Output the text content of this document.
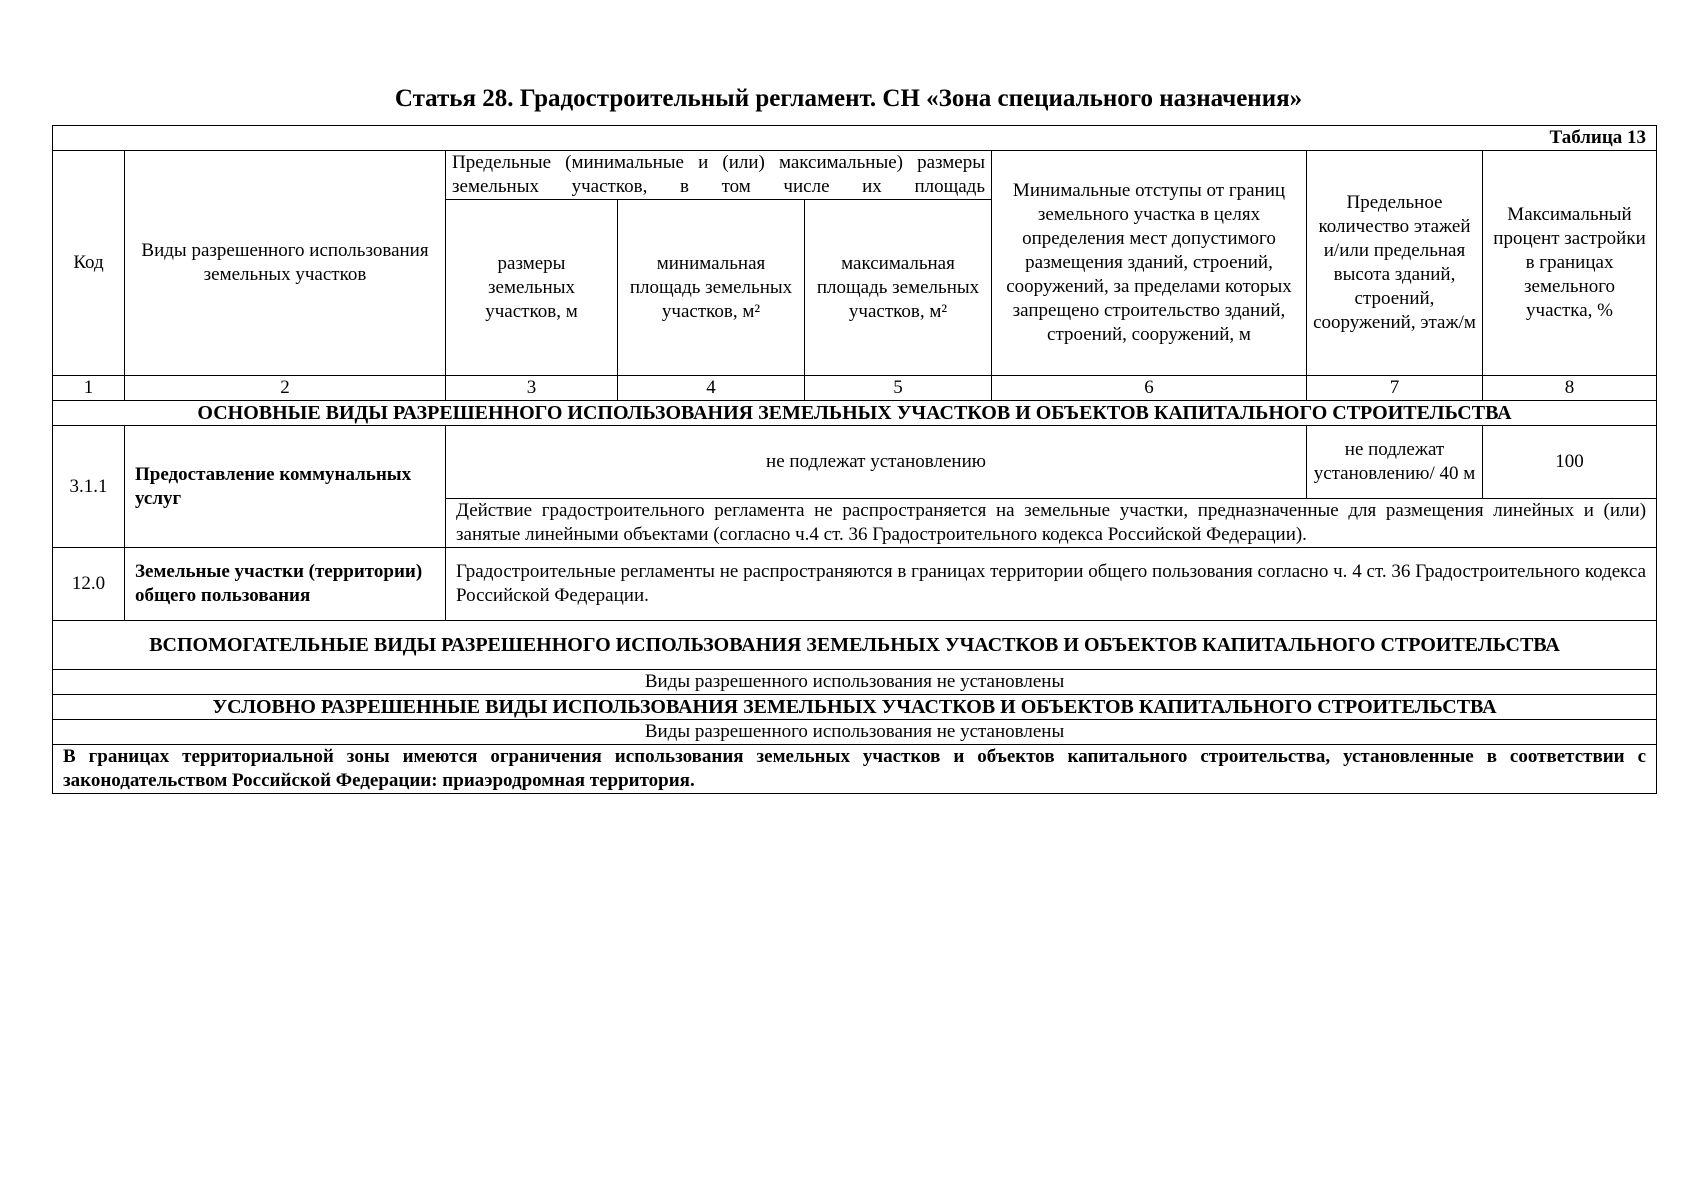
Статья 28. Градостроительный регламент. СН «Зона специального назначения»
Таблица 13							
Код	Виды разрешенного использования земельных участков	Предельные (минимальные и (или) максимальные) размеры земельных участков, в том числе их площадь			Минимальные отступы от границ земельного участка в целях определения мест допустимого размещения зданий, строений, сооружений, за пределами которых запрещено строительство зданий, строений, сооружений, м	Предельное количество этажей и/или предельная высота зданий, строений, сооружений, этаж/м	Максимальный процент застройки в границах земельного участка, %
		размеры земельных участков, м	минимальная площадь земельных участков, м²	максимальная площадь земельных участков, м²			
1	2	3	4	5	6	7	8
ОСНОВНЫЕ ВИДЫ РАЗРЕШЕННОГО ИСПОЛЬЗОВАНИЯ ЗЕМЕЛЬНЫХ УЧАСТКОВ И ОБЪЕКТОВ КАПИТАЛЬНОГО СТРОИТЕЛЬСТВА							
3.1.1	Предоставление коммунальных услуг	не подлежат установлению				не подлежат установлению/ 40 м	100
		Действие градостроительного регламента не распространяется на земельные участки, предназначенные для размещения линейных и (или) занятые линейными объектами (согласно ч.4 ст. 36 Градостроительного кодекса Российской Федерации).					
12.0	Земельные участки (территории) общего пользования	Градостроительные регламенты не распространяются в границах территории общего пользования согласно ч. 4 ст. 36 Градостроительного кодекса Российской Федерации.					
ВСПОМОГАТЕЛЬНЫЕ ВИДЫ РАЗРЕШЕННОГО ИСПОЛЬЗОВАНИЯ ЗЕМЕЛЬНЫХ УЧАСТКОВ И ОБЪЕКТОВ КАПИТАЛЬНОГО СТРОИТЕЛЬСТВА							
Виды разрешенного использования не установлены							
УСЛОВНО РАЗРЕШЕННЫЕ ВИДЫ ИСПОЛЬЗОВАНИЯ ЗЕМЕЛЬНЫХ УЧАСТКОВ И ОБЪЕКТОВ КАПИТАЛЬНОГО СТРОИТЕЛЬСТВА							
Виды разрешенного использования не установлены							
В границах территориальной зоны имеются ограничения использования земельных участков и объектов капитального строительства, установленные в соответствии с законодательством Российской Федерации: приаэродромная территория.							
